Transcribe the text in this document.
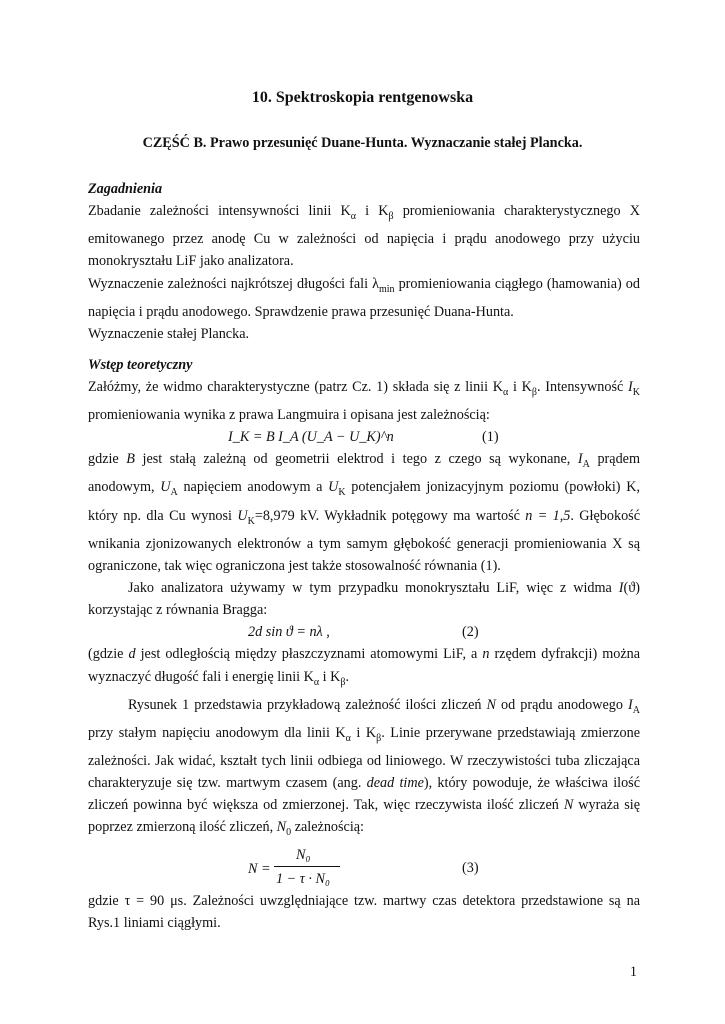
10. Spektroskopia rentgenowska
CZĘŚĆ B. Prawo przesunięć Duane-Hunta. Wyznaczanie stałej Plancka.

Zagadnienia

Zbadanie zależności intensywności linii $K_\alpha$ i $K_\beta$ promieniowania charakterystycznego X emitowanego przez anodę Cu w zależności od napięcia i prądu anodowego przy użyciu monokryształu LiF jako analizatora.

Wyznaczenie zależności najkrótszej długości fali $\lambda_{min}$ promieniowania ciągłego (hamowania) od napięcia i prądu anodowego. Sprawdzenie prawa przesunięć Duana-Hunta.

Wyznaczenie stałej Plancka.

Wstęp teoretyczny

Załóżmy, że widmo charakterystyczne (patrz Cz. 1) składa się z linii $K_\alpha$ i $K_\beta$. Intensywność $I_K$ promieniowania wynika z prawa Langmuira i opisana jest zależnością:

I_K = B I_A (U_A − U_K)^n	(1)

gdzie B jest stałą zależną od geometrii elektrod i tego z czego są wykonane, $I_A$ prądem anodowym, $U_A$ napięciem anodowym a $U_K$ potencjałem jonizacyjnym poziomu (powłoki) K, który np. dla Cu wynosi $U_K=8,979$ kV. Wykładnik potęgowy ma wartość n = 1,5. Głębokość wnikania zjonizowanych elektronów a tym samym głębokość generacji promieniowania X są ograniczone, tak więc ograniczona jest także stosowalność równania (1).

Jako analizatora używamy w tym przypadku monokryształu LiF, więc z widma I(ϑ) korzystając z równania Bragga:

2d sin ϑ = nλ ,	(2)

(gdzie d jest odległością między płaszczyznami atomowymi LiF, a n rzędem dyfrakcji) można wyznaczyć długość fali i energię linii $K_\alpha$ i $K_\beta$.

Rysunek 1 przedstawia przykładową zależność ilości zliczeń N od prądu anodowego $I_A$ przy stałym napięciu anodowym dla linii $K_\alpha$ i $K_\beta$. Linie przerywane przedstawiają zmierzone zależności. Jak widać, kształt tych linii odbiega od liniowego. W rzeczywistości tuba zliczająca charakteryzuje się tzw. martwym czasem (ang. dead time), który powoduje, że właściwa ilość zliczeń powinna być większa od zmierzonej. Tak, więc rzeczywista ilość zliczeń N wyraża się poprzez zmierzoną ilość zliczeń, $N_0$ zależnością:

N =
N₀
1 − τ · N₀
(3)

gdzie τ = 90 μs. Zależności uwzględniające tzw. martwy czas detektora przedstawione są na Rys.1 liniami ciągłymi.

1
